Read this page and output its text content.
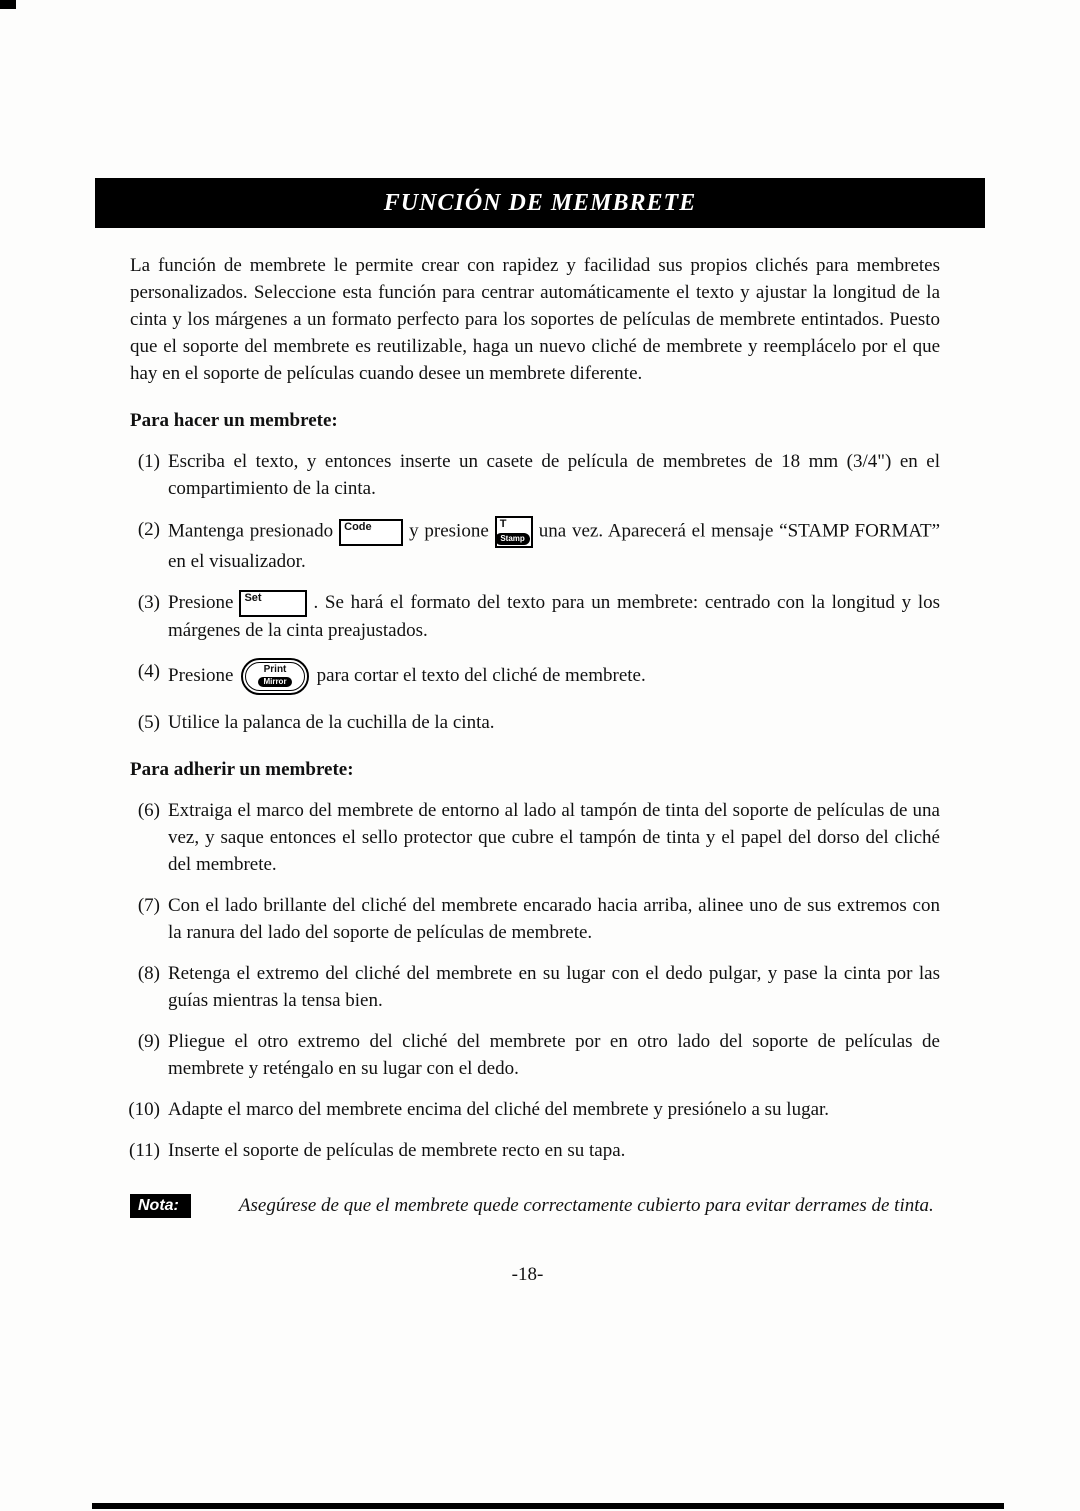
FUNCIÓN DE MEMBRETE

La función de membrete le permite crear con rapidez y facilidad sus propios clichés para membretes personalizados. Seleccione esta función para centrar automáticamente el texto y ajustar la longitud de la cinta y los márgenes a un formato perfecto para los soportes de películas de membrete entintados. Puesto que el soporte del membrete es reutilizable, haga un nuevo cliché de membrete y reemplácelo por el que hay en el soporte de películas cuando desee un membrete diferente.

Para hacer un membrete:
(1) Escriba el texto, y entonces inserte un casete de película de membretes de 18 mm (3/4") en el compartimiento de la cinta.
(2) Mantenga presionado Code y presione T
Stamp una vez. Aparecerá el mensaje “STAMP FORMAT” en el visualizador.
(3) Presione Set	. Se hará el formato del texto para un membrete: centrado con la longitud y los márgenes de la cinta preajustados.
(4) Presione	Print
Mirror para cortar el texto del cliché de membrete.
(5) Utilice la palanca de la cuchilla de la cinta.
Para adherir un membrete:
(6) Extraiga el marco del membrete de entorno al lado al tampón de tinta del soporte de películas de una vez, y saque entonces el sello protector que cubre el tampón de tinta y el papel del dorso del cliché del membrete.
(7) Con el lado brillante del cliché del membrete encarado hacia arriba, alinee uno de sus extremos con la ranura del lado del soporte de películas de membrete.
(8) Retenga el extremo del cliché del membrete en su lugar con el dedo pulgar, y pase la cinta por las guías mientras la tensa bien.
(9) Pliegue el otro extremo del cliché del membrete por en otro lado del soporte de películas de membrete y reténgalo en su lugar con el dedo.
(10) Adapte el marco del membrete encima del cliché del membrete y presiónelo a su lugar.
(11) Inserte el soporte de películas de membrete recto en su tapa.
Nota:	Asegúrese de que el membrete quede correctamente cubierto para evitar derrames de tinta.
-18-
